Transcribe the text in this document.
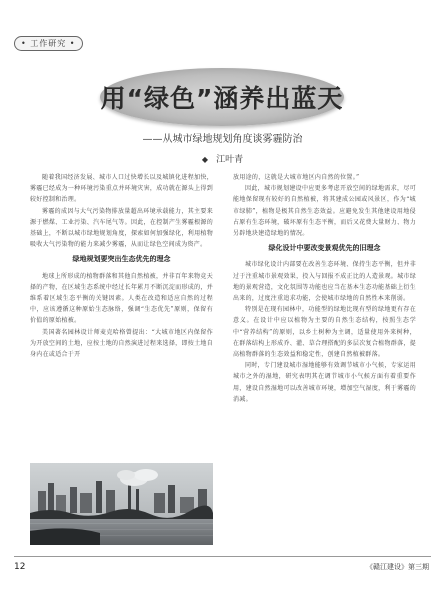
• 工作研究 •
用“绿色”涵养出蓝天
——从城市绿地规划角度谈雾霾防治
◆ 江叶青

随着我国经济发展、城市人口过快增长以及城镇化进程加快，雾霾已经成为一种环境污染重点并环境灾害，成功就在源头上得到较好控制和治理。

雾霾的成因与大气污染物排放量超出环境承载能力，其主要来源于燃煤、工业污染、汽车尾气等。因此，在控制产生雾霾根源的基础上，不断以城市绿地规划角度，探索如何加强绿化，利用植物吸收大气污染物的能力来减少雾霾，从而让绿色空间成为资产。

绿地规划要突出生态优先的理念

地球上所形成的植物群落和其他自然植被，并非百年来物竞天择的产物，在区域生态系统中经过长年累月不断沉淀而形成的，并维系着区域生态平衡的关键因素。人类在改造和适应自然的过程中，应该遵循这种原始生态脉络，强调“生态优先”原则，保留有价值的原始植被。

美国著名园林设计师麦克哈格曾提出：“大城市地区内保留作为开放空间的土地，应按土地的自然演进过程来选择，即按土地自身内在或适合于开

放用途的，这就是大城市地区内自然的位置。”

因此，城市规划建设中应更多考虑开放空间的绿地需求，尽可能地保留现有较好的自然植被，将其建成公园或风景区，作为“城市绿肺”，植物是极其自然生态效益。应避免发生其他建设用地侵占原有生态环境，破坏原有生态平衡，而后又花费大量财力、物力另辟地块建造绿地的情况。

绿化设计中要改变景观优先的旧理念

城市绿化设计内部要在改善生态环境、保持生态平衡，但并非过于注重城市景观效果，投入与回报不成正比的人造景观。城市绿地的景观营造，文化氛围等功能也应当在基本生态功能基础上衍生出来的，过度注重追求功能，会使城市绿地的自然性本来削弱。

特别是在现有园林中，功能型的绿地比现有型的绿地更有存在意义。在设计中应以植物为主要的自然生态结构，按照生态学中“营养结构”的原则，以乡土树种为主调，适量使用外来树种，在群落结构上形成乔、灌、草合理搭配的多层次复合植物群落，提高植物群落的生态效益和稳定性，创建自然植被群落。

同时，专门建设城市湿地能够有效调节城市小气候，专家运用城市之外的湿地，研究表明其在调节城市小气候方面有着重要作用，建设自然湿地可以改善城市环境，增加空气湿度，利于雾霾的消减。

12	《赣江建设》第三期
